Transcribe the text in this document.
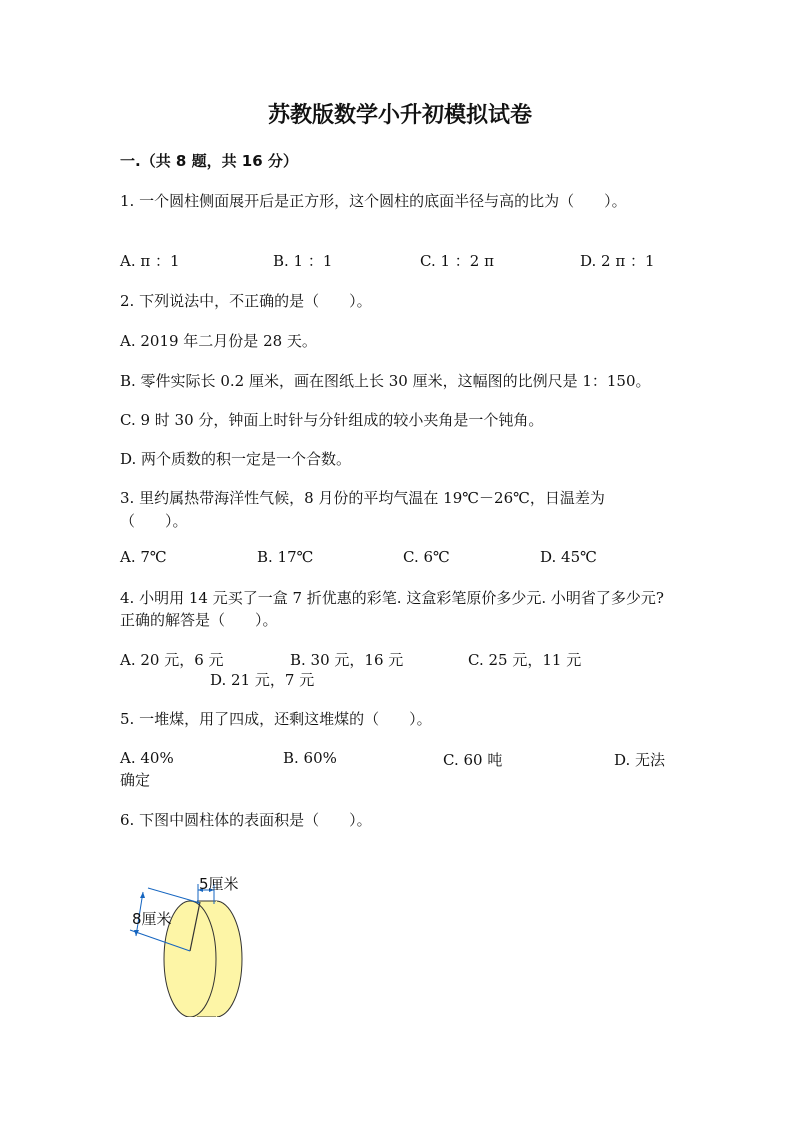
苏教版数学小升初模拟试卷
一.（共 8 题，共 16 分）
1. 一个圆柱侧面展开后是正方形，这个圆柱的底面半径与高的比为（　　）。
A. π ：1	B. 1 ：1	C. 1 ：2 π	D. 2 π ：1
2. 下列说法中，不正确的是（　　）。
A. 2019 年二月份是 28 天。
B. 零件实际长 0.2 厘米，画在图纸上长 30 厘米，这幅图的比例尺是 1：150。
C. 9 时 30 分，钟面上时针与分针组成的较小夹角是一个钝角。
D. 两个质数的积一定是一个合数。
3. 里约属热带海洋性气候，8 月份的平均气温在 19℃－26℃，日温差为
（　　）。
A. 7℃	B. 17℃	C. 6℃	D. 45℃
4. 小明用 14 元买了一盒 7 折优惠的彩笔. 这盒彩笔原价多少元. 小明省了多少元?
正确的解答是（　　）。
A. 20 元，6 元	B. 30 元，16 元	C. 25 元，11 元
D. 21 元，7 元
5. 一堆煤，用了四成，还剩这堆煤的（　　）。
A. 40%	B. 60%	C. 60 吨	D. 无法
确定
6. 下图中圆柱体的表面积是（　　）。
5厘米
8厘米
